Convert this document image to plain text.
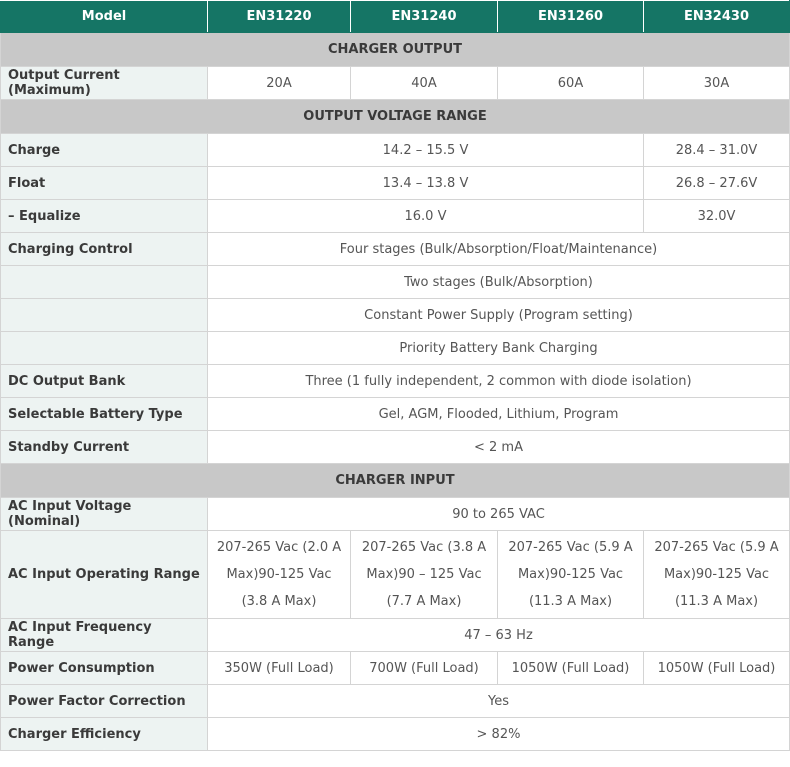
Model	EN31220	EN31240	EN31260	EN32430
CHARGER OUTPUT				
Output Current (Maximum)	20A	40A	60A	30A
OUTPUT VOLTAGE RANGE				
Charge	14.2 – 15.5 V			28.4 – 31.0V
Float	13.4 – 13.8 V			26.8 – 27.6V
– Equalize	16.0 V			32.0V
Charging Control	Four stages (Bulk/Absorption/Float/Maintenance)			
	Two stages (Bulk/Absorption)			
	Constant Power Supply (Program setting)			
	Priority Battery Bank Charging			
DC Output Bank	Three (1 fully independent, 2 common with diode isolation)			
Selectable Battery Type	Gel, AGM, Flooded, Lithium, Program			
Standby Current	< 2 mA			
CHARGER INPUT				
AC Input Voltage (Nominal)	90 to 265 VAC			
AC Input Operating Range	207-265 Vac (2.0 A Max)90-125 Vac (3.8 A Max)	207-265 Vac (3.8 A Max)90 – 125 Vac (7.7 A Max)	207-265 Vac (5.9 A Max)90-125 Vac (11.3 A Max)	207-265 Vac (5.9 A Max)90-125 Vac (11.3 A Max)
AC Input Frequency Range	47 – 63 Hz			
Power Consumption	350W (Full Load)	700W (Full Load)	1050W (Full Load)	1050W (Full Load)
Power Factor Correction	Yes			
Charger Efficiency	> 82%			
